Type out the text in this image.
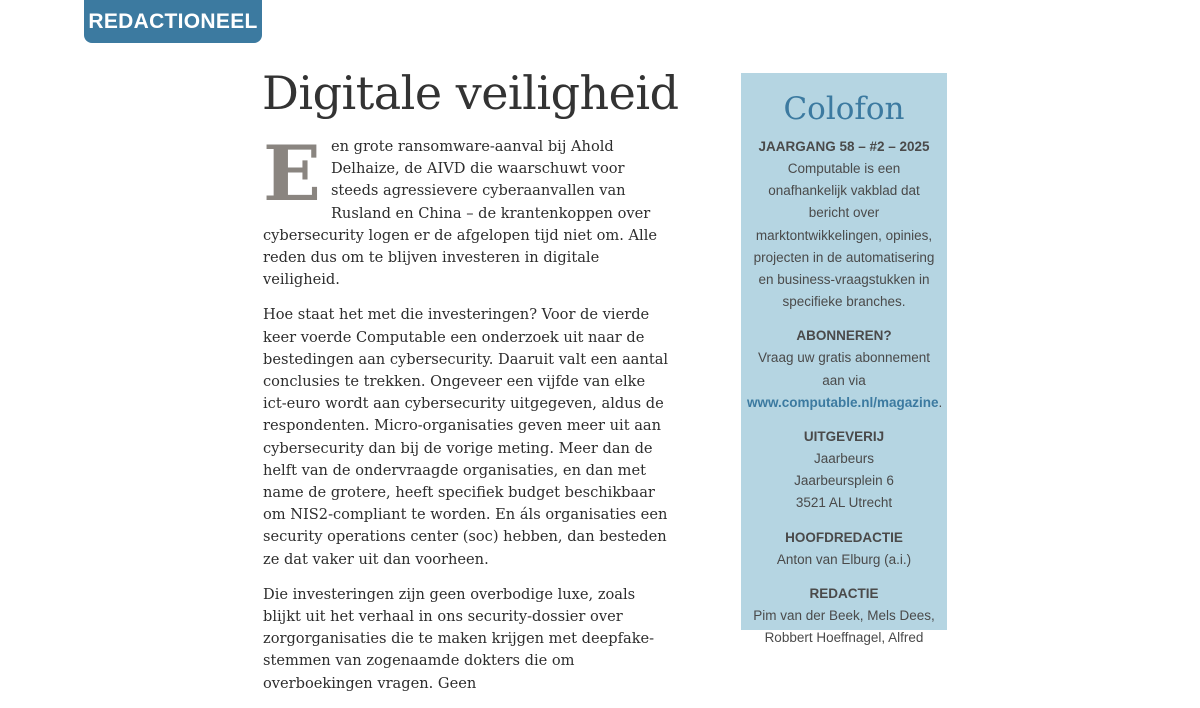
REDACTIONEEL
Digitale veiligheid

Een grote ransomware-aanval bij Ahold Delhaize, de AIVD die waarschuwt voor steeds agressievere cyberaanvallen van Rusland en China – de krantenkoppen over cybersecurity logen er de afgelopen tijd niet om. Alle reden dus om te blijven investeren in digitale veiligheid.

Hoe staat het met die investeringen? Voor de vierde keer voerde Computable een onderzoek uit naar de bestedingen aan cybersecurity. Daaruit valt een aantal conclusies te trekken. Ongeveer een vijfde van elke ict-euro wordt aan cybersecurity uitgegeven, aldus de respondenten. Micro-organisaties geven meer uit aan cybersecurity dan bij de vorige meting. Meer dan de helft van de ondervraagde organisaties, en dan met name de grotere, heeft specifiek budget beschikbaar om NIS2-compliant te worden. En áls organisaties een security operations center (soc) hebben, dan besteden ze dat vaker uit dan voorheen.

Die investeringen zijn geen overbodige luxe, zoals blijkt uit het verhaal in ons security-dossier over zorgorganisaties die te maken krijgen met deepfake-stemmen van zogenaamde dokters die om overboekingen vragen. Geen

Colofon
JAARGANG 58 – #2 – 2025
Computable is een onafhankelijk vakblad dat bericht over marktontwikkelingen, opinies, projecten in de automatisering en business-vraagstukken in specifieke branches.
ABONNEREN?
Vraag uw gratis abonnement aan via www.computable.nl/magazine.
UITGEVERIJ
Jaarbeurs
Jaarbeursplein 6
3521 AL Utrecht
HOOFDREDACTIE
Anton van Elburg (a.i.)
REDACTIE
Pim van der Beek, Mels Dees, Robbert Hoeffnagel, Alfred
